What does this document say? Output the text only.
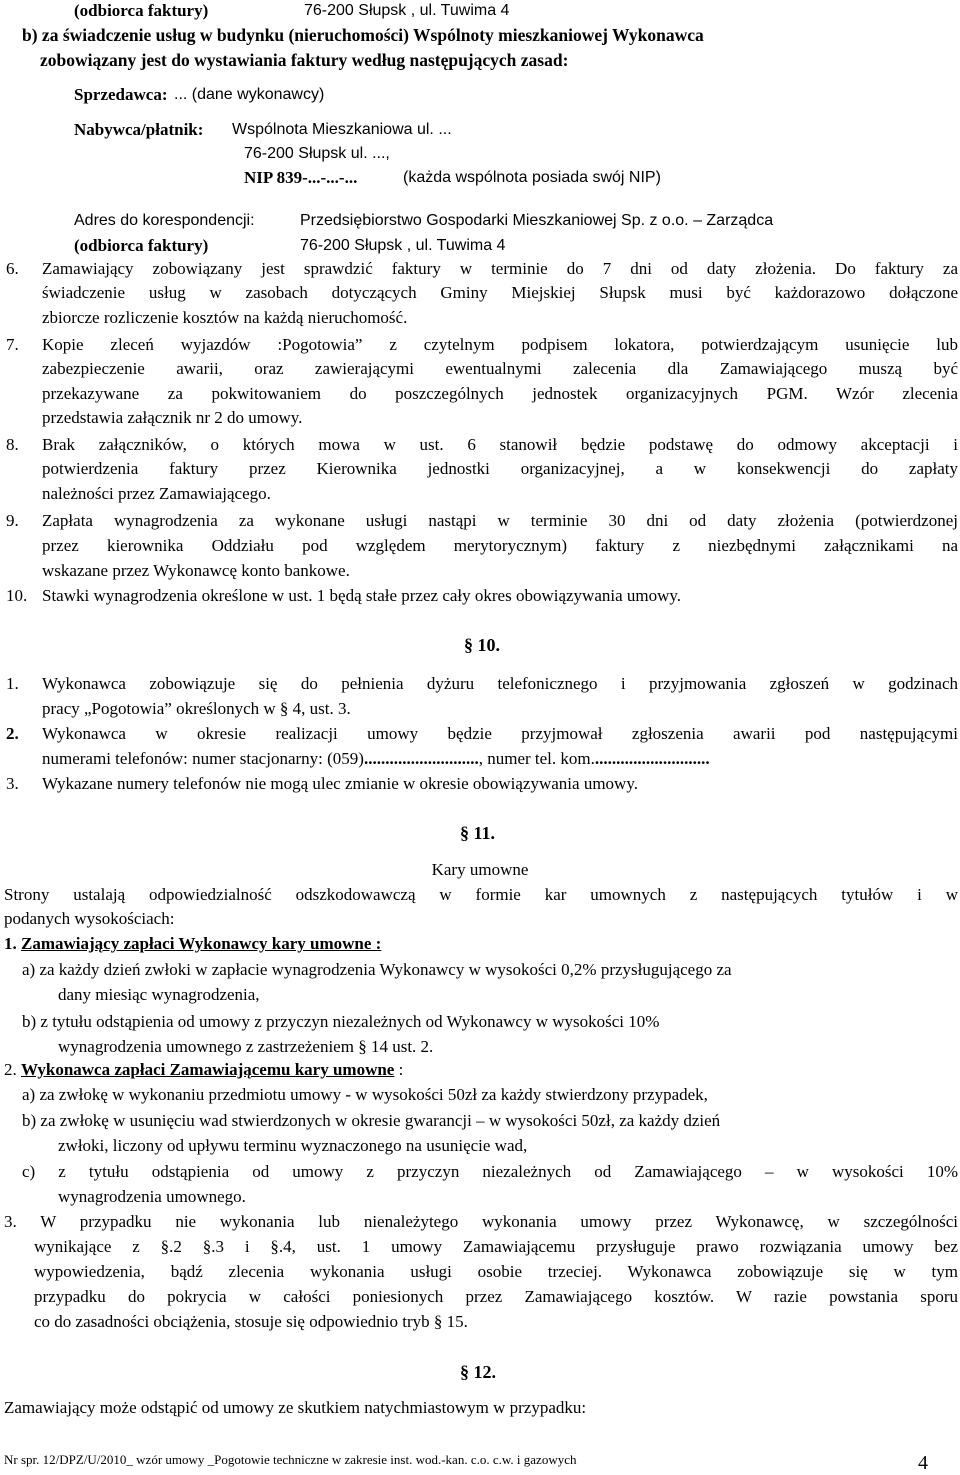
(odbiorca faktury)	76-200 Słupsk , ul. Tuwima 4
b) za świadczenie usług w budynku (nieruchomości) Wspólnoty mieszkaniowej Wykonawca
zobowiązany jest do wystawiania faktury według następujących zasad:
Sprzedawca: ... (dane wykonawcy)
Nabywca/płatnik: Wspólnota Mieszkaniowa ul. ...
76-200 Słupsk ul. ...,
NIP 839-...-...-...	(każda wspólnota posiada swój NIP)
Adres do korespondencji:	Przedsiębiorstwo Gospodarki Mieszkaniowej Sp. z o.o. – Zarządca
(odbiorca faktury)	76-200 Słupsk , ul. Tuwima 4
6. Zamawiający zobowiązany jest sprawdzić faktury w terminie do 7 dni od daty złożenia. Do faktury za
świadczenie usług w zasobach dotyczących Gminy Miejskiej Słupsk musi być każdorazowo dołączone
zbiorcze rozliczenie kosztów na każdą nieruchomość.
7. Kopie zleceń wyjazdów :Pogotowia” z czytelnym podpisem lokatora, potwierdzającym usunięcie lub
zabezpieczenie awarii, oraz zawierającymi ewentualnymi zalecenia dla Zamawiającego muszą być
przekazywane za pokwitowaniem do poszczególnych jednostek organizacyjnych PGM. Wzór zlecenia
przedstawia załącznik nr 2 do umowy.
8. Brak załączników, o których mowa w ust. 6 stanowił będzie podstawę do odmowy akceptacji i
potwierdzenia faktury przez Kierownika jednostki organizacyjnej, a w konsekwencji do zapłaty
należności przez Zamawiającego.
9. Zapłata wynagrodzenia za wykonane usługi nastąpi w terminie 30 dni od daty złożenia (potwierdzonej
przez kierownika Oddziału pod względem merytorycznym) faktury z niezbędnymi załącznikami na
wskazane przez Wykonawcę konto bankowe.
10. Stawki wynagrodzenia określone w ust. 1 będą stałe przez cały okres obowiązywania umowy.
§ 10.
1. Wykonawca zobowiązuje się do pełnienia dyżuru telefonicznego i przyjmowania zgłoszeń w godzinach
pracy „Pogotowia” określonych w § 4, ust. 3.
2. Wykonawca w okresie realizacji umowy będzie przyjmował zgłoszenia awarii pod następującymi
numerami telefonów: numer stacjonarny: (059)..........................., numer tel. kom............................
3. Wykazane numery telefonów nie mogą ulec zmianie w okresie obowiązywania umowy.
§ 11.
Kary umowne
Strony ustalają odpowiedzialność odszkodowawczą w formie kar umownych z następujących tytułów i w
podanych wysokościach:
1. Zamawiający zapłaci Wykonawcy kary umowne :
a) za każdy dzień zwłoki w zapłacie wynagrodzenia Wykonawcy w wysokości 0,2% przysługującego za
dany miesiąc wynagrodzenia,
b) z tytułu odstąpienia od umowy z przyczyn niezależnych od Wykonawcy w wysokości 10%
wynagrodzenia umownego z zastrzeżeniem § 14 ust. 2.
2. Wykonawca zapłaci Zamawiającemu kary umowne :
a) za zwłokę w wykonaniu przedmiotu umowy - w wysokości 50zł za każdy stwierdzony przypadek,
b) za zwłokę w usunięciu wad stwierdzonych w okresie gwarancji – w wysokości 50zł, za każdy dzień
zwłoki, liczony od upływu terminu wyznaczonego na usunięcie wad,
c) z tytułu odstąpienia od umowy z przyczyn niezależnych od Zamawiającego – w wysokości 10%
wynagrodzenia umownego.
3. W przypadku nie wykonania lub nienależytego wykonania umowy przez Wykonawcę, w szczególności
wynikające z §.2 §.3 i §.4, ust. 1 umowy Zamawiającemu przysługuje prawo rozwiązania umowy bez
wypowiedzenia, bądź zlecenia wykonania usługi osobie trzeciej. Wykonawca zobowiązuje się w tym
przypadku do pokrycia w całości poniesionych przez Zamawiającego kosztów. W razie powstania sporu
co do zasadności obciążenia, stosuje się odpowiednio tryb § 15.
§ 12.
Zamawiający może odstąpić od umowy ze skutkiem natychmiastowym w przypadku:
Nr spr. 12/DPZ/U/2010_ wzór umowy _Pogotowie techniczne w zakresie inst. wod.-kan. c.o. c.w. i gazowych	4
